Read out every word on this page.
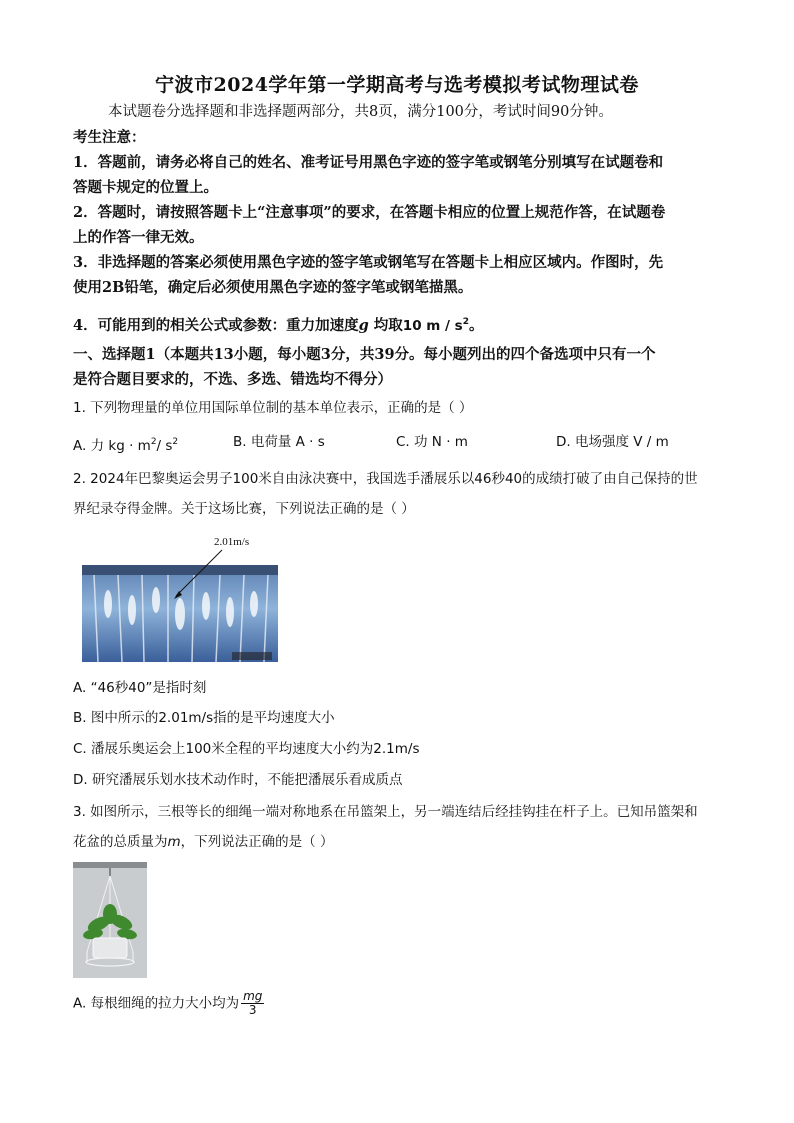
宁波市2024学年第一学期高考与选考模拟考试物理试卷
本试题卷分选择题和非选择题两部分，共8页，满分100分，考试时间90分钟。
考生注意：
1．答题前，请务必将自己的姓名、准考证号用黑色字迹的签字笔或钢笔分别填写在试题卷和
答题卡规定的位置上。
2．答题时，请按照答题卡上“注意事项”的要求，在答题卡相应的位置上规范作答，在试题卷
上的作答一律无效。
3．非选择题的答案必须使用黑色字迹的签字笔或钢笔写在答题卡上相应区域内。作图时，先
使用2B铅笔，确定后必须使用黑色字迹的签字笔或钢笔描黑。
4．可能用到的相关公式或参数：重力加速度g 均取10 m / $s^2$。
一、选择题1（本题共13小题，每小题3分，共39分。每小题列出的四个备选项中只有一个
是符合题目要求的，不选、多选、错选均不得分）
1. 下列物理量的单位用国际单位制的基本单位表示，正确的是（ ）
A. 力 kg · $m^2/$ $s^2$	B. 电荷量 A · s	C. 功 N · m	D. 电场强度 V / m
2. 2024年巴黎奥运会男子100米自由泳决赛中，我国选手潘展乐以46秒40的成绩打破了由自己保持的世
界纪录夺得金牌。关于这场比赛，下列说法正确的是（ ）
2.01m/s
A. “46秒40”是指时刻
B. 图中所示的2.01m/s指的是平均速度大小
C. 潘展乐奥运会上100米全程的平均速度大小约为2.1m/s
D. 研究潘展乐划水技术动作时，不能把潘展乐看成质点
3. 如图所示，三根等长的细绳一端对称地系在吊篮架上，另一端连结后经挂钩挂在杆子上。已知吊篮架和
花盆的总质量为m，下列说法正确的是（ ）
A. 每根细绳的拉力大小均为 $\frac{mg}{3}$
